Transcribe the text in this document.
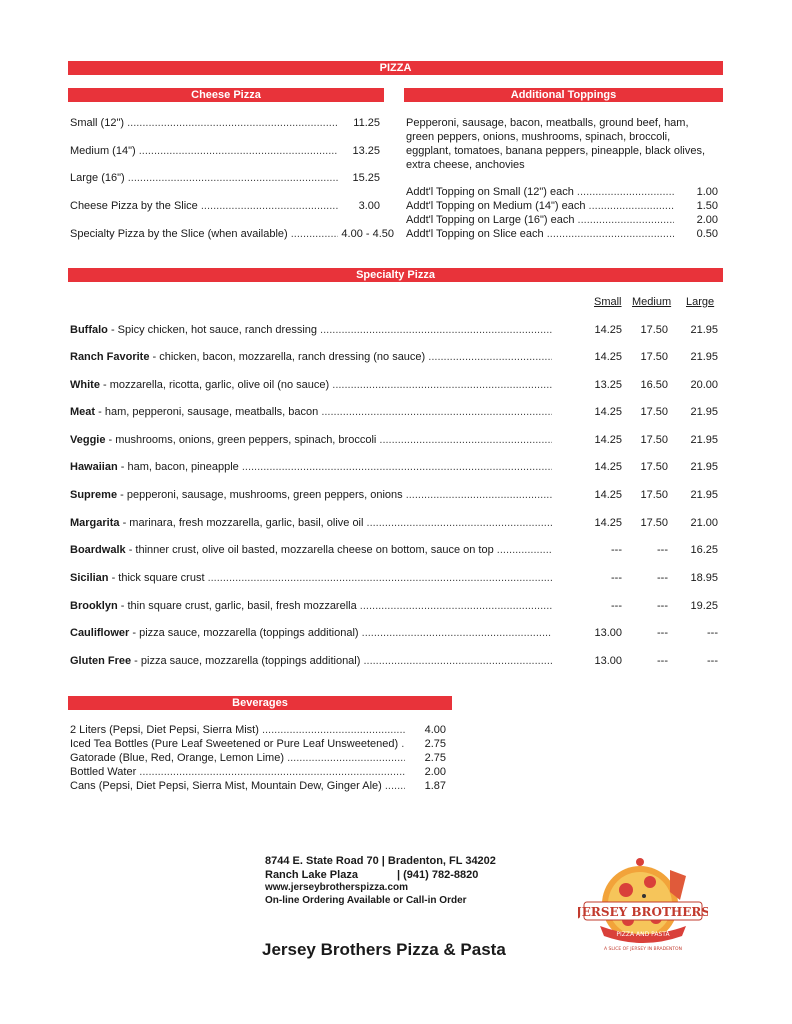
PIZZA
Cheese Pizza	Additional Toppings
Small (12") .....	11.25
Medium (14") .....	13.25
Large (16") .....	15.25
Cheese Pizza by the Slice .....	3.00
Specialty Pizza by the Slice (when available) .....	4.00 - 4.50
Pepperoni, sausage, bacon, meatballs, ground beef, ham, green peppers, onions, mushrooms, spinach, broccoli, eggplant, tomatoes, banana peppers, pineapple, black olives, extra cheese, anchovies
Addt'l Topping on Small (12") each .....	1.00
Addt'l Topping on Medium (14") each .....	1.50
Addt'l Topping on Large (16") each .....	2.00
Addt'l Topping on Slice each .....	0.50
Specialty Pizza
Small Medium Large
Buffalo - Spicy chicken, hot sauce, ranch dressing .....	14.25	17.50	21.95
Ranch Favorite - chicken, bacon, mozzarella, ranch dressing (no sauce) .....	14.25	17.50	21.95
White - mozzarella, ricotta, garlic, olive oil (no sauce) .....	13.25	16.50	20.00
Meat - ham, pepperoni, sausage, meatballs, bacon .....	14.25	17.50	21.95
Veggie - mushrooms, onions, green peppers, spinach, broccoli .....	14.25	17.50	21.95
Hawaiian - ham, bacon, pineapple .....	14.25	17.50	21.95
Supreme - pepperoni, sausage, mushrooms, green peppers, onions .....	14.25	17.50	21.95
Margarita - marinara, fresh mozzarella, garlic, basil, olive oil .....	14.25	17.50	21.00
Boardwalk - thinner crust, olive oil basted, mozzarella cheese on bottom, sauce on top .....	---	---	16.25
Sicilian - thick square crust .....	---	---	18.95
Brooklyn - thin square crust, garlic, basil, fresh mozzarella .....	---	---	19.25
Cauliflower - pizza sauce, mozzarella (toppings additional) .....	13.00	---	---
Gluten Free - pizza sauce, mozzarella (toppings additional) .....	13.00	---	---
Beverages
2 Liters (Pepsi, Diet Pepsi, Sierra Mist) .....	4.00
Iced Tea Bottles (Pure Leaf Sweetened or Pure Leaf Unsweetened) .....	2.75
Gatorade (Blue, Red, Orange, Lemon Lime) .....	2.75
Bottled Water .....	2.00
Cans (Pepsi, Diet Pepsi, Sierra Mist, Mountain Dew, Ginger Ale) .....	1.87
8744 E. State Road 70 | Bradenton, FL 34202
Ranch Lake Plaza	| (941) 782-8820
www.jerseybrotherspizza.com
On-line Ordering Available or Call-in Order
Jersey Brothers Pizza & Pasta
JERSEY BROTHERS
PIZZA AND PASTA
A SLICE OF JERSEY IN BRADENTON
